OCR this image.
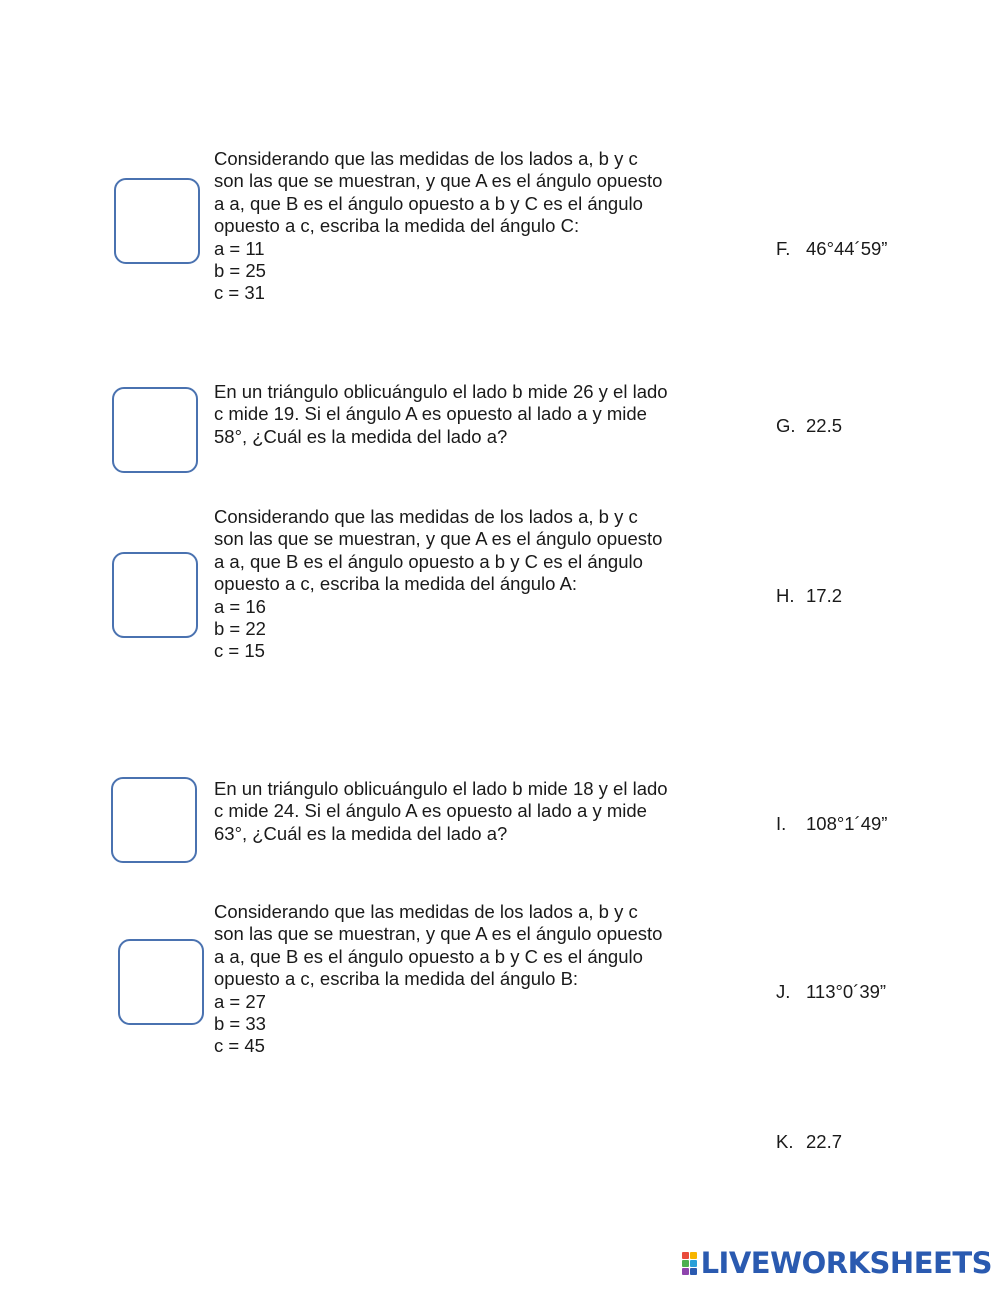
Considerando que las medidas de los lados a, b y c
son las que se muestran, y que A es el ángulo opuesto
a a, que B es el ángulo opuesto a b y C es el ángulo
opuesto a c, escriba la medida del ángulo C:
a = 11
b = 25
c = 31
En un triángulo oblicuángulo el lado b mide 26 y el lado
c mide 19. Si el ángulo A es opuesto al lado a y mide
58°, ¿Cuál es la medida del lado a?
Considerando que las medidas de los lados a, b y c
son las que se muestran, y que A es el ángulo opuesto
a a, que B es el ángulo opuesto a b y C es el ángulo
opuesto a c, escriba la medida del ángulo A:
a = 16
b = 22
c = 15
En un triángulo oblicuángulo el lado b mide 18 y el lado
c mide 24. Si el ángulo A es opuesto al lado a y mide
63°, ¿Cuál es la medida del lado a?
Considerando que las medidas de los lados a, b y c
son las que se muestran, y que A es el ángulo opuesto
a a, que B es el ángulo opuesto a b y C es el ángulo
opuesto a c, escriba la medida del ángulo B:
a = 27
b = 33
c = 45
F. 46°44´59”
G. 22.5
H. 17.2
I. 108°1´49”
J. 113°0´39”
K. 22.7
LIVEWORKSHEETS
